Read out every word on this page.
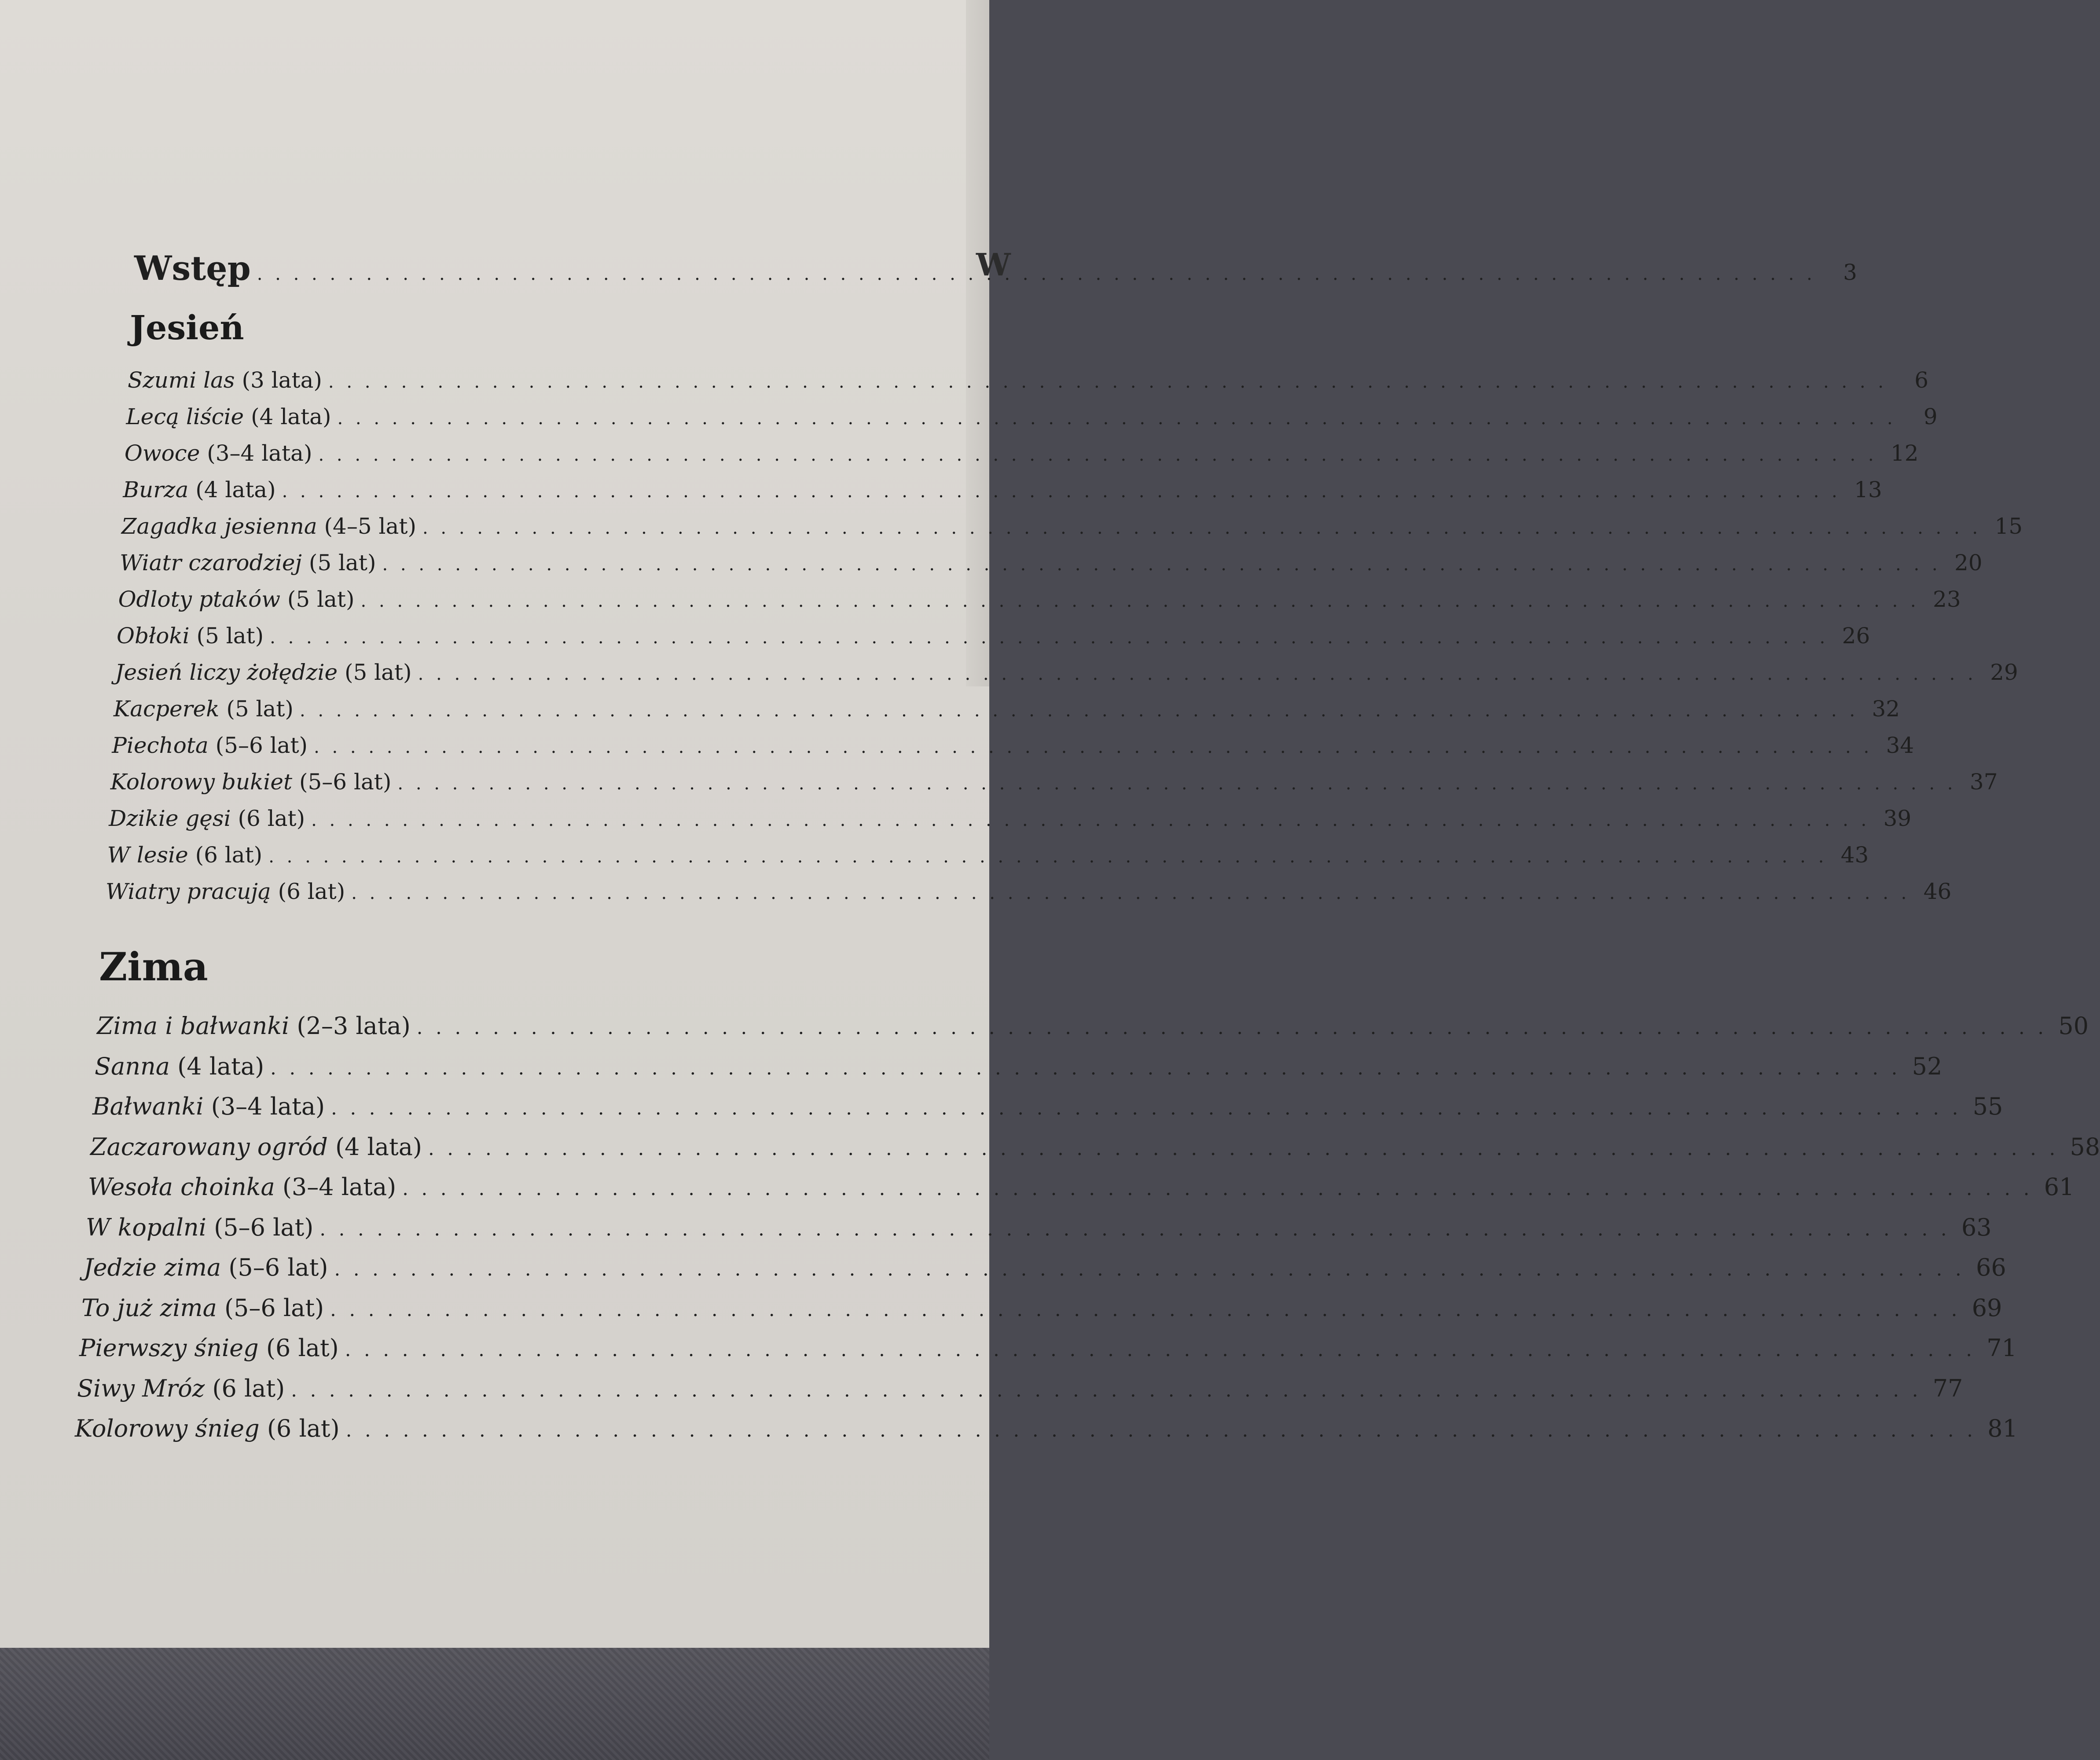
W
Wstęp . . .	3
Jesień
Szumi las (3 lata) . . .	6
Lecą liście (4 lata) . . .	9
Owoce (3–4 lata) . . .	12
Burza (4 lata) . . .	13
Zagadka jesienna (4–5 lat) . . .	15
Wiatr czarodziej (5 lat) . . .	20
Odloty ptaków (5 lat) . . .	23
Obłoki (5 lat) . . .	26
Jesień liczy żołędzie (5 lat) . . .	29
Kacperek (5 lat) . . .	32
Piechota (5–6 lat) . . .	34
Kolorowy bukiet (5–6 lat) . . .	37
Dzikie gęsi (6 lat) . . .	39
W lesie (6 lat) . . .	43
Wiatry pracują (6 lat) . . .	46
Zima
Zima i bałwanki (2–3 lata) . . .	50
Sanna (4 lata) . . .	52
Bałwanki (3–4 lata) . . .	55
Zaczarowany ogród (4 lata) . . .	58
Wesoła choinka (3–4 lata) . . .	61
W kopalni (5–6 lat) . . .	63
Jedzie zima (5–6 lat) . . .	66
To już zima (5–6 lat) . . .	69
Pierwszy śnieg (6 lat) . . .	71
Siwy Mróz (6 lat) . . .	77
Kolorowy śnieg (6 lat) . . .	81
